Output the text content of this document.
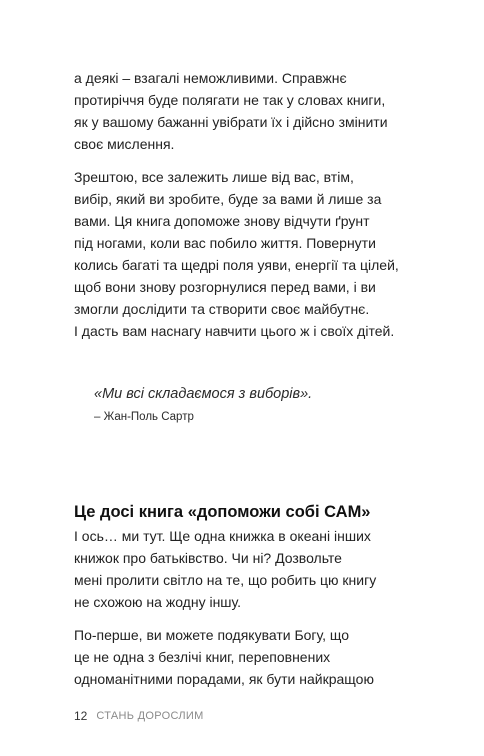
а деякі – взагалі неможливими. Справжнє
протиріччя буде полягати не так у словах книги,
як у вашому бажанні увібрати їх і дійсно змінити
своє мислення.

Зрештою, все залежить лише від вас, втім,
вибір, який ви зробите, буде за вами й лише за
вами. Ця книга допоможе знову відчути ґрунт
під ногами, коли вас побило життя. Повернути
колись багаті та щедрі поля уяви, енергії та цілей,
щоб вони знову розгорнулися перед вами, і ви
змогли дослідити та створити своє майбутнє.
І дасть вам наснагу навчити цього ж і своїх дітей.

«Ми всі складаємося з виборів».
– Жан-Поль Сартр
Це досі книга «допоможи собі САМ»

І ось… ми тут. Ще одна книжка в океані інших
книжок про батьківство. Чи ні? Дозвольте
мені пролити світло на те, що робить цю книгу
не схожою на жодну іншу.

По-перше, ви можете подякувати Богу, що
це не одна з безлічі книг, переповнених
одноманітними порадами, як бути найкращою

12 СТАНЬ ДОРОСЛИМ
